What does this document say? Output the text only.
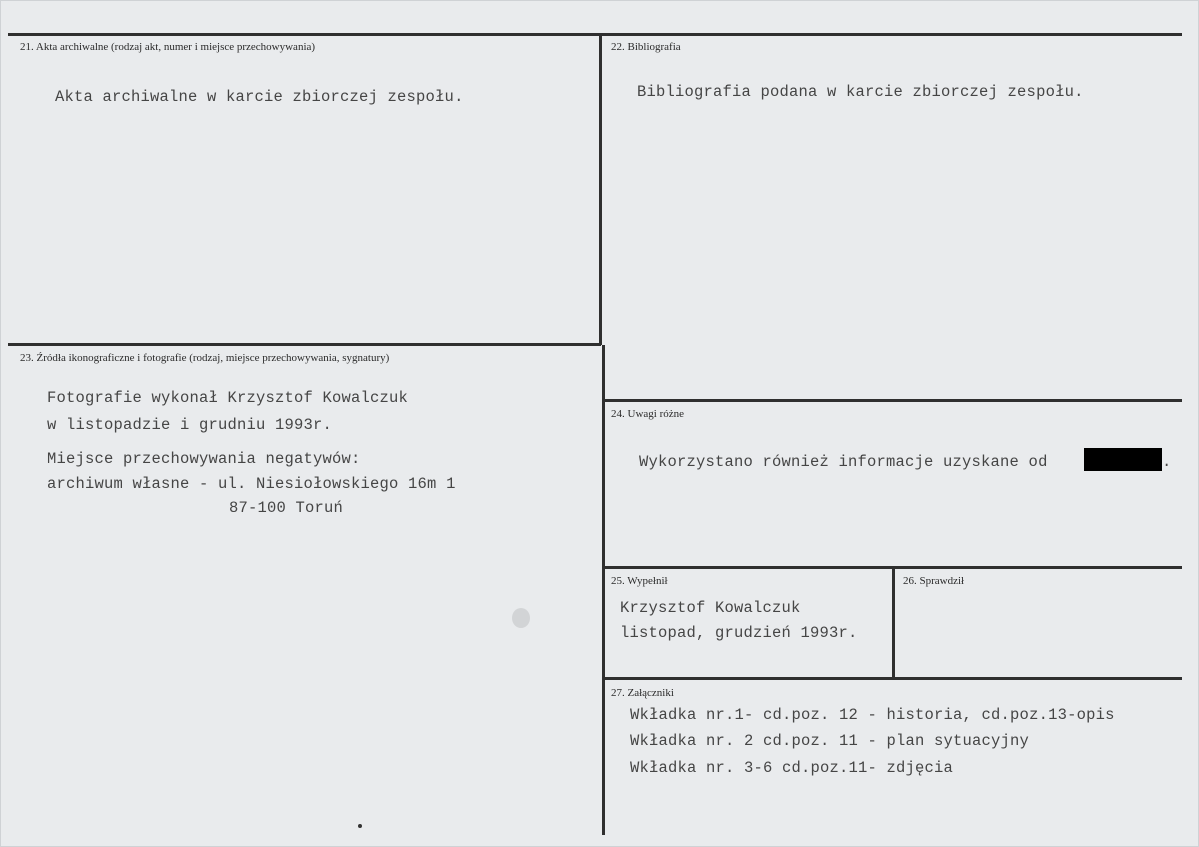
21. Akta archiwalne (rodzaj akt, numer i miejsce przechowywania)
Akta archiwalne w karcie zbiorczej zespołu.
22. Bibliografia
Bibliografia podana w karcie zbiorczej zespołu.
23. Źródła ikonograficzne i fotografie (rodzaj, miejsce przechowywania, sygnatury)
Fotografie wykonał Krzysztof Kowalczuk
w listopadzie i grudniu 1993r.
Miejsce przechowywania negatywów:
archiwum własne - ul. Niesiołowskiego 16m 1
87-100 Toruń
24. Uwagi różne
Wykorzystano również informacje uzyskane od	.
25. Wypełnił
Krzysztof Kowalczuk
listopad, grudzień 1993r.
26. Sprawdził
27. Załączniki
Wkładka nr.1- cd.poz. 12 - historia, cd.poz.13-opis
Wkładka nr. 2 cd.poz. 11 - plan sytuacyjny
Wkładka nr. 3-6 cd.poz.11- zdjęcia
